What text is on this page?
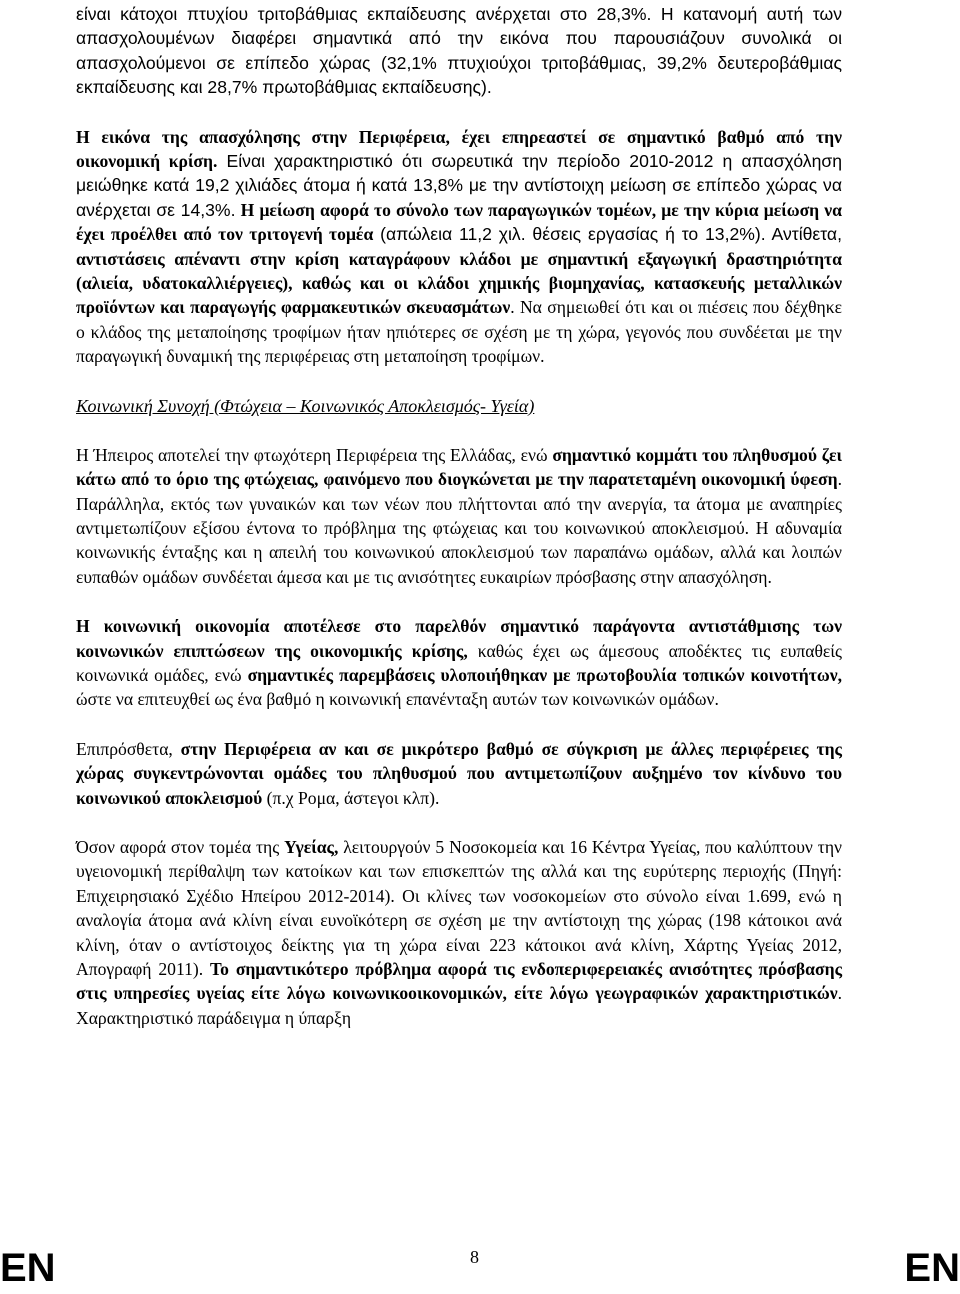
είναι κάτοχοι πτυχίου τριτοβάθμιας εκπαίδευσης ανέρχεται στο 28,3%. Η κατανομή αυτή των απασχολουμένων διαφέρει σημαντικά από την εικόνα που παρουσιάζουν συνολικά οι απασχολούμενοι σε επίπεδο χώρας (32,1% πτυχιούχοι τριτοβάθμιας, 39,2% δευτεροβάθμιας εκπαίδευσης και 28,7% πρωτοβάθμιας εκπαίδευσης).

Η εικόνα της απασχόλησης στην Περιφέρεια, έχει επηρεαστεί σε σημαντικό βαθμό από την οικονομική κρίση. Είναι χαρακτηριστικό ότι σωρευτικά την περίοδο 2010-2012 η απασχόληση μειώθηκε κατά 19,2 χιλιάδες άτομα ή κατά 13,8% με την αντίστοιχη μείωση σε επίπεδο χώρας να ανέρχεται σε 14,3%. Η μείωση αφορά το σύνολο των παραγωγικών τομέων, με την κύρια μείωση να έχει προέλθει από τον τριτογενή τομέα (απώλεια 11,2 χιλ. θέσεις εργασίας ή το 13,2%). Αντίθετα, αντιστάσεις απέναντι στην κρίση καταγράφουν κλάδοι με σημαντική εξαγωγική δραστηριότητα (αλιεία, υδατοκαλλιέργειες), καθώς και οι κλάδοι χημικής βιομηχανίας, κατασκευής μεταλλικών προϊόντων και παραγωγής φαρμακευτικών σκευασμάτων. Να σημειωθεί ότι και οι πιέσεις που δέχθηκε ο κλάδος της μεταποίησης τροφίμων ήταν ηπιότερες σε σχέση με τη χώρα, γεγονός που συνδέεται με την παραγωγική δυναμική της περιφέρειας στη μεταποίηση τροφίμων.

Κοινωνική Συνοχή (Φτώχεια – Κοινωνικός Αποκλεισμός- Υγεία)

Η Ήπειρος αποτελεί την φτωχότερη Περιφέρεια της Ελλάδας, ενώ σημαντικό κομμάτι του πληθυσμού ζει κάτω από το όριο της φτώχειας, φαινόμενο που διογκώνεται με την παρατεταμένη οικονομική ύφεση. Παράλληλα, εκτός των γυναικών και των νέων που πλήττονται από την ανεργία, τα άτομα με αναπηρίες αντιμετωπίζουν εξίσου έντονα το πρόβλημα της φτώχειας και του κοινωνικού αποκλεισμού. Η αδυναμία κοινωνικής ένταξης και η απειλή του κοινωνικού αποκλεισμού των παραπάνω ομάδων, αλλά και λοιπών ευπαθών ομάδων συνδέεται άμεσα και με τις ανισότητες ευκαιρίων πρόσβασης στην απασχόληση.

Η κοινωνική οικονομία αποτέλεσε στο παρελθόν σημαντικό παράγοντα αντιστάθμισης των κοινωνικών επιπτώσεων της οικονομικής κρίσης, καθώς έχει ως άμεσους αποδέκτες τις ευπαθείς κοινωνικά ομάδες, ενώ σημαντικές παρεμβάσεις υλοποιήθηκαν με πρωτοβουλία τοπικών κοινοτήτων, ώστε να επιτευχθεί ως ένα βαθμό η κοινωνική επανένταξη αυτών των κοινωνικών ομάδων.

Επιπρόσθετα, στην Περιφέρεια αν και σε μικρότερο βαθμό σε σύγκριση με άλλες περιφέρειες της χώρας συγκεντρώνονται ομάδες του πληθυσμού που αντιμετωπίζουν αυξημένο τον κίνδυνο του κοινωνικού αποκλεισμού (π.χ Ρομα, άστεγοι κλπ).

Όσον αφορά στον τομέα της Υγείας, λειτουργούν 5 Νοσοκομεία και 16 Κέντρα Υγείας, που καλύπτουν την υγειονομική περίθαλψη των κατοίκων και των επισκεπτών της αλλά και της ευρύτερης περιοχής (Πηγή: Επιχειρησιακό Σχέδιο Ηπείρου 2012-2014). Οι κλίνες των νοσοκομείων στο σύνολο είναι 1.699, ενώ η αναλογία άτομα ανά κλίνη είναι ευνοϊκότερη σε σχέση με την αντίστοιχη της χώρας (198 κάτοικοι ανά κλίνη, όταν ο αντίστοιχος δείκτης για τη χώρα είναι 223 κάτοικοι ανά κλίνη, Χάρτης Υγείας 2012, Απογραφή 2011). Το σημαντικότερο πρόβλημα αφορά τις ενδοπεριφερειακές ανισότητες πρόσβασης στις υπηρεσίες υγείας είτε λόγω κοινωνικοοικονομικών, είτε λόγω γεωγραφικών χαρακτηριστικών. Χαρακτηριστικό παράδειγμα η ύπαρξη

EN	8	EN
